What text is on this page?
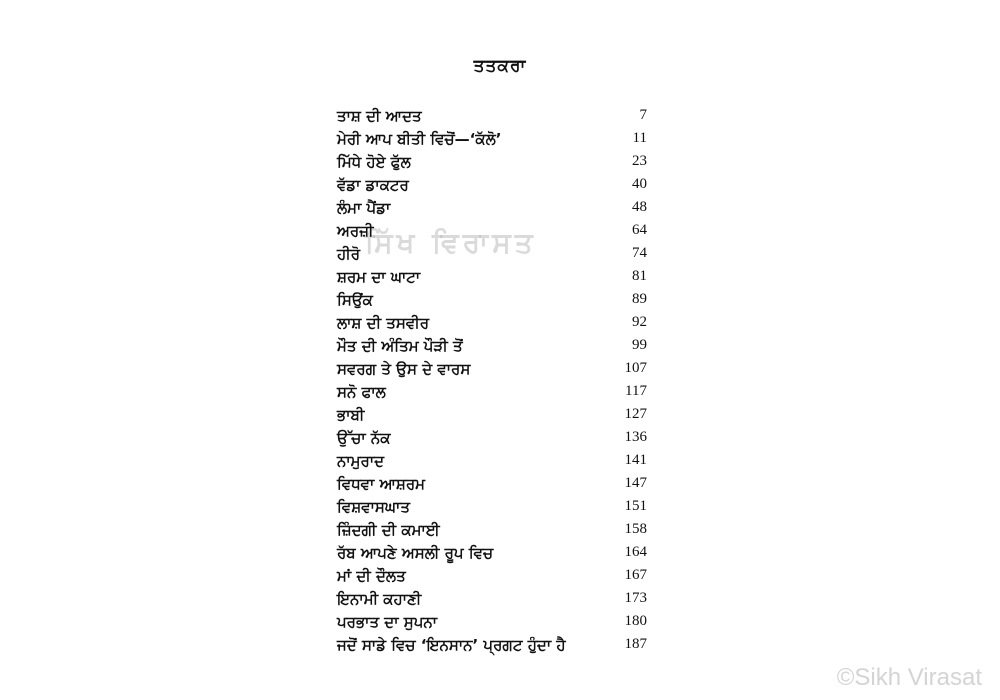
ਤਤਕਰਾ
ਸਿੱਖ ਵਿਰਾਸਤ
ਤਾਸ਼ ਦੀ ਆਦਤ	7
ਮੇਰੀ ਆਪ ਬੀਤੀ ਵਿਚੋਂ—‘ਕੱਲੋ’	11
ਮਿੱਧੇ ਹੋਏ ਫੁੱਲ	23
ਵੱਡਾ ਡਾਕਟਰ	40
ਲੰਮਾ ਪੈਂਡਾ	48
ਅਰਜ਼ੀ	64
ਹੀਰੋ	74
ਸ਼ਰਮ ਦਾ ਘਾਟਾ	81
ਸਿਉਂਕ	89
ਲਾਸ਼ ਦੀ ਤਸਵੀਰ	92
ਮੌਤ ਦੀ ਅੰਤਿਮ ਪੌੜੀ ਤੋਂ	99
ਸਵਰਗ ਤੇ ਉਸ ਦੇ ਵਾਰਸ	107
ਸਨੋ ਫਾਲ	117
ਭਾਬੀ	127
ਉੱਚਾ ਨੱਕ	136
ਨਾਮੁਰਾਦ	141
ਵਿਧਵਾ ਆਸ਼ਰਮ	147
ਵਿਸ਼ਵਾਸਘਾਤ	151
ਜ਼ਿੰਦਗੀ ਦੀ ਕਮਾਈ	158
ਰੱਬ ਆਪਣੇ ਅਸਲੀ ਰੂਪ ਵਿਚ	164
ਮਾਂ ਦੀ ਦੌਲਤ	167
ਇਨਾਮੀ ਕਹਾਣੀ	173
ਪਰਭਾਤ ਦਾ ਸੁਪਨਾ	180
ਜਦੋਂ ਸਾਡੇ ਵਿਚ ‘ਇਨਸਾਨ’ ਪ੍ਰਗਟ ਹੁੰਦਾ ਹੈ	187
©Sikh Virasat
